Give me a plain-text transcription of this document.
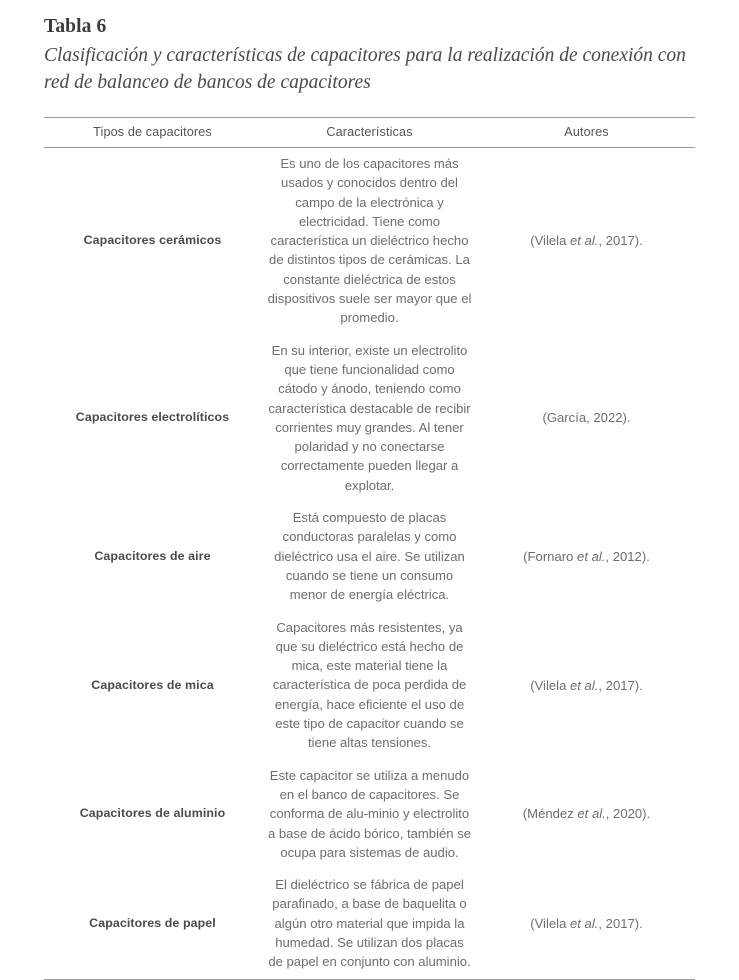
Tabla 6
Clasificación y características de capacitores para la realización de conexión con red de balanceo de bancos de capacitores
Tipos de capacitores	Características	Autores
Capacitores cerámicos	Es uno de los capacitores más usados y conocidos dentro del campo de la electrónica y electricidad. Tiene como característica un dieléctrico hecho de distintos tipos de cerámicas. La constante dieléctrica de estos dispositivos suele ser mayor que el promedio.	(Vilela et al., 2017).
Capacitores electrolíticos	En su interior, existe un electrolito que tiene funcionalidad como cátodo y ánodo, teniendo como característica destacable de recibir corrientes muy grandes. Al tener polaridad y no conectarse correctamente pueden llegar a explotar.	(García, 2022).
Capacitores de aire	Está compuesto de placas conductoras paralelas y como dieléctrico usa el aire. Se utilizan cuando se tiene un consumo menor de energía eléctrica.	(Fornaro et al., 2012).
Capacitores de mica	Capacitores más resistentes, ya que su dieléctrico está hecho de mica, este material tiene la característica de poca perdida de energía, hace eficiente el uso de este tipo de capacitor cuando se tiene altas tensiones.	(Vilela et al., 2017).
Capacitores de aluminio	Este capacitor se utiliza a menudo en el banco de capacitores. Se conforma de alu-minio y electrolito a base de ácido bórico, también se ocupa para sistemas de audio.	(Méndez et al., 2020).
Capacitores de papel	El dieléctrico se fábrica de papel parafinado, a base de baquelita o algún otro material que impida la humedad. Se utilizan dos placas de papel en conjunto con aluminio.	(Vilela et al., 2017).
